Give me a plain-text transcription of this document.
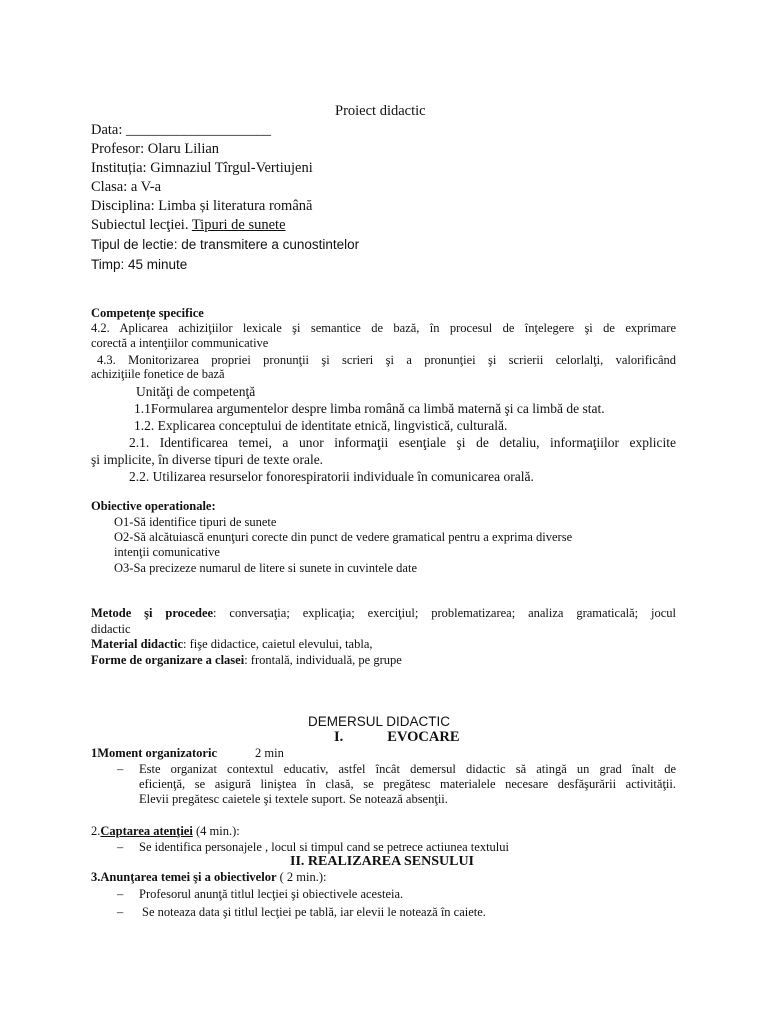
Proiect didactic
Data: ____________________
Profesor: Olaru Lilian
Instituția: Gimnaziul Tîrgul-Vertiujeni
Clasa: a V-a
Disciplina: Limba și literatura română
Subiectul lecţiei. Tipuri de sunete
Tipul de lectie: de transmitere a cunostintelor
Timp: 45 minute
Competențe specifice
4.2. Aplicarea achiziţiilor lexicale şi semantice de bază, în procesul de înţelegere şi de exprimare
corectă a intenţiilor communicative
4.3. Monitorizarea propriei pronunţii şi scrieri şi a pronunţiei şi scrierii celorlalţi, valorificând
achiziţiile fonetice de bază
Unităţi de competenţă
1.1Formularea argumentelor despre limba română ca limbă maternă şi ca limbă de stat.
1.2. Explicarea conceptului de identitate etnică, lingvistică, culturală.
2.1. Identificarea temei, a unor informaţii esenţiale şi de detaliu, informaţiilor explicite
şi implicite, în diverse tipuri de texte orale.
2.2. Utilizarea resurselor fonorespiratorii individuale în comunicarea orală.
Obiective operationale:
O1-Să identifice tipuri de sunete
O2-Să alcătuiască enunţuri corecte din punct de vedere gramatical pentru a exprima diverse
intenţii comunicative
O3-Sa precizeze numarul de litere si sunete in cuvintele date
Metode şi procedee: conversaţia; explicaţia; exerciţiul; problematizarea; analiza gramaticală; jocul
didactic
Material didactic: fişe didactice, caietul elevului, tabla,
Forme de organizare a clasei: frontală, individuală, pe grupe
DEMERSUL DIDACTIC
I.	EVOCARE
1Moment organizatoric	2 min
– Este organizat contextul educativ, astfel încât demersul didactic să atingă un grad înalt de
eficienţă, se asigură liniştea în clasă, se pregătesc materialele necesare desfăşurării activităţii.
Elevii pregătesc caietele şi textele suport. Se notează absenţii.
2.Captarea atenţiei (4 min.):
– Se identifica personajele , locul si timpul cand se petrece actiunea textului
II. REALIZAREA SENSULUI
3.Anunţarea temei şi a obiectivelor ( 2 min.):
– Profesorul anunţă titlul lecţiei şi obiectivele acesteia.
– Se noteaza data şi titlul lecţiei pe tablă, iar elevii le notează în caiete.
